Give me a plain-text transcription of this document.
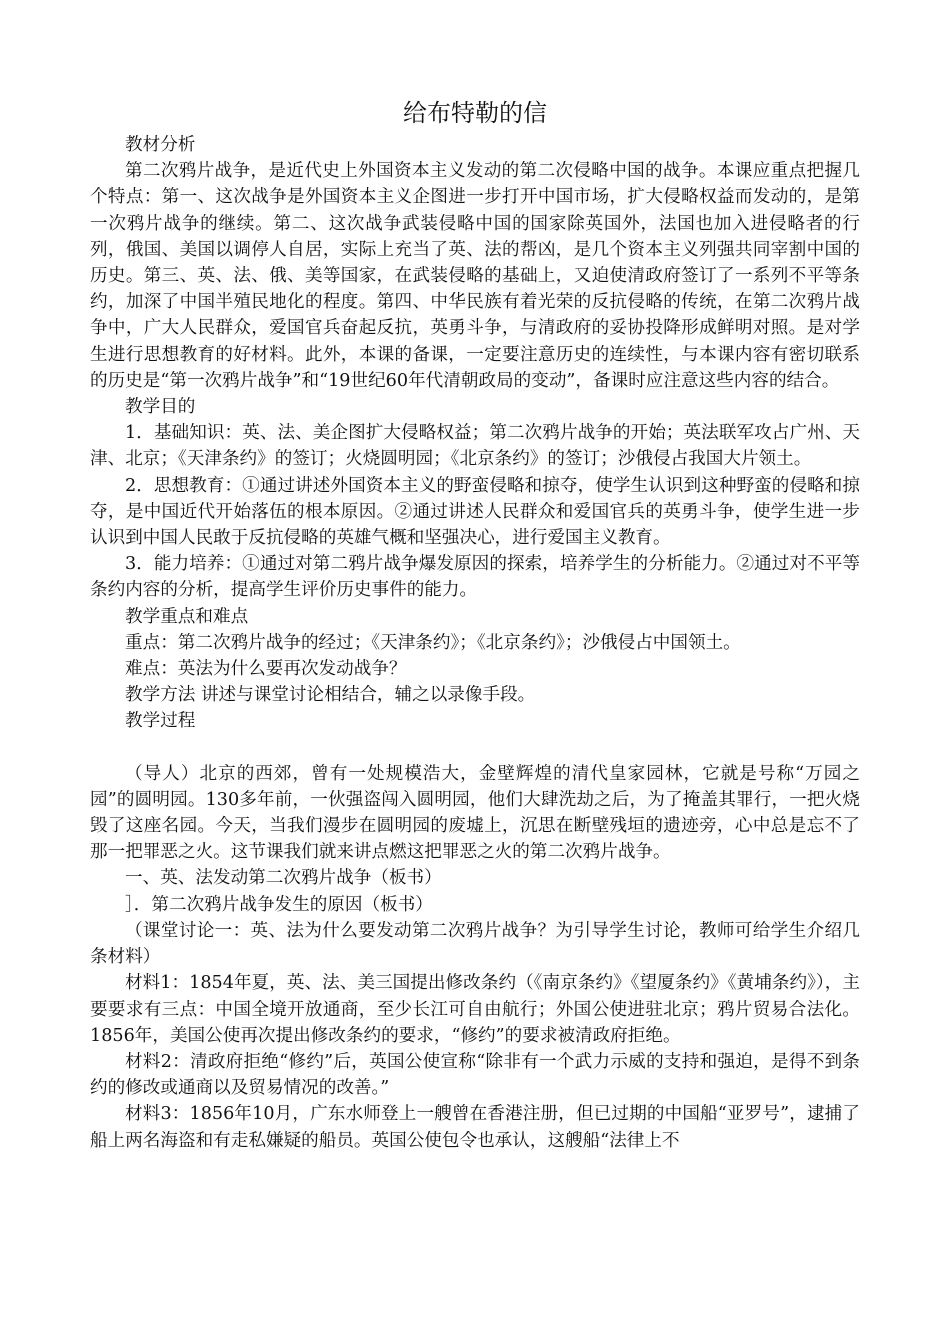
给布特勒的信

教材分析

第二次鸦片战争，是近代史上外国资本主义发动的第二次侵略中国的战争。本课应重点把握几个特点：第一、这次战争是外国资本主义企图进一步打开中国市场，扩大侵略权益而发动的，是第一次鸦片战争的继续。第二、这次战争武装侵略中国的国家除英国外，法国也加入进侵略者的行列，俄国、美国以调停人自居，实际上充当了英、法的帮凶，是几个资本主义列强共同宰割中国的历史。第三、英、法、俄、美等国家，在武装侵略的基础上，又迫使清政府签订了一系列不平等条约，加深了中国半殖民地化的程度。第四、中华民族有着光荣的反抗侵略的传统，在第二次鸦片战争中，广大人民群众，爱国官兵奋起反抗，英勇斗争，与清政府的妥协投降形成鲜明对照。是对学生进行思想教育的好材料。此外，本课的备课，一定要注意历史的连续性，与本课内容有密切联系的历史是“第一次鸦片战争”和“19世纪60年代清朝政局的变动”，备课时应注意这些内容的结合。

教学目的

1．基础知识：英、法、美企图扩大侵略权益；第二次鸦片战争的开始；英法联军攻占广州、天津、北京；《天津条约》的签订；火烧圆明园；《北京条约》的签订；沙俄侵占我国大片领土。

2．思想教育：①通过讲述外国资本主义的野蛮侵略和掠夺，使学生认识到这种野蛮的侵略和掠夺，是中国近代开始落伍的根本原因。②通过讲述人民群众和爱国官兵的英勇斗争，使学生进一步认识到中国人民敢于反抗侵略的英雄气概和坚强决心，进行爱国主义教育。

3．能力培养：①通过对第二鸦片战争爆发原因的探索，培养学生的分析能力。②通过对不平等条约内容的分析，提高学生评价历史事件的能力。

教学重点和难点

重点：第二次鸦片战争的经过；《天津条约》；《北京条约》；沙俄侵占中国领土。

难点：英法为什么要再次发动战争？

教学方法 讲述与课堂讨论相结合，辅之以录像手段。

教学过程

（导人）北京的西郊，曾有一处规模浩大，金壁辉煌的清代皇家园林，它就是号称“万园之园”的圆明园。130多年前，一伙强盗闯入圆明园，他们大肆洗劫之后，为了掩盖其罪行，一把火烧毁了这座名园。今天，当我们漫步在圆明园的废墟上，沉思在断壁残垣的遗迹旁，心中总是忘不了那一把罪恶之火。这节课我们就来讲点燃这把罪恶之火的第二次鸦片战争。

一、英、法发动第二次鸦片战争（板书）

］．第二次鸦片战争发生的原因（板书）

（课堂讨论一：英、法为什么要发动第二次鸦片战争？为引导学生讨论，教师可给学生介绍几条材料）

材料1：1854年夏，英、法、美三国提出修改条约（《南京条约》《望厦条约》《黄埔条约》），主要要求有三点：中国全境开放通商，至少长江可自由航行；外国公使进驻北京；鸦片贸易合法化。1856年，美国公使再次提出修改条约的要求，“修约”的要求被清政府拒绝。

材料2：清政府拒绝“修约”后，英国公使宣称“除非有一个武力示威的支持和强迫，是得不到条约的修改或通商以及贸易情况的改善。”

材料3：1856年10月，广东水师登上一艘曾在香港注册，但已过期的中国船“亚罗号”，逮捕了船上两名海盗和有走私嫌疑的船员。英国公使包令也承认，这艘船“法律上不
